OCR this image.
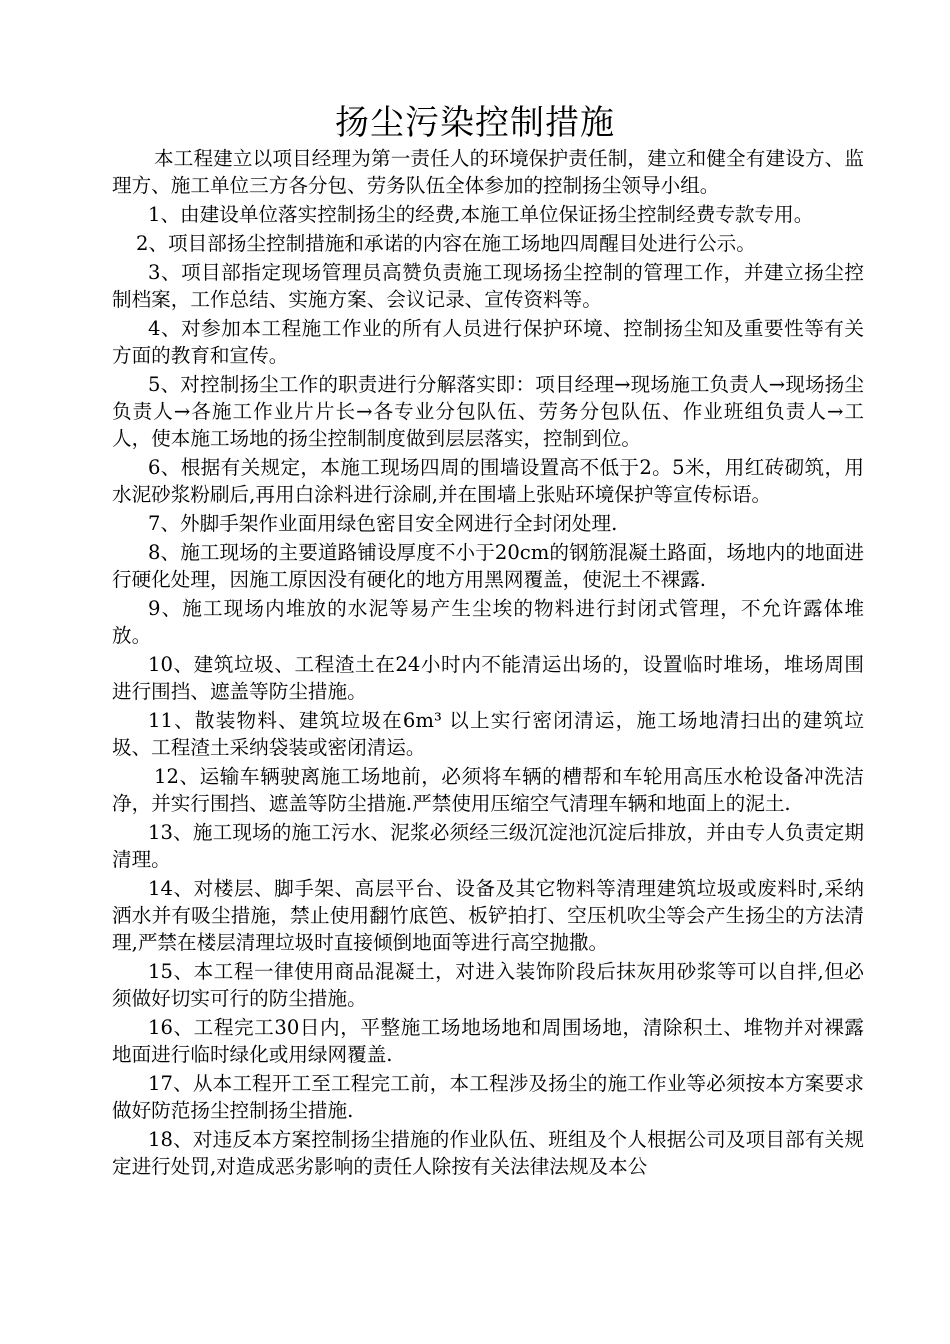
扬尘污染控制措施

本工程建立以项目经理为第一责任人的环境保护责任制，建立和健全有建设方、监理方、施工单位三方各分包、劳务队伍全体参加的控制扬尘领导小组。

1、由建设单位落实控制扬尘的经费,本施工单位保证扬尘控制经费专款专用。

2、项目部扬尘控制措施和承诺的内容在施工场地四周醒目处进行公示。

3、项目部指定现场管理员高赞负责施工现场扬尘控制的管理工作，并建立扬尘控制档案，工作总结、实施方案、会议记录、宣传资料等。

4、对参加本工程施工作业的所有人员进行保护环境、控制扬尘知及重要性等有关方面的教育和宣传。

5、对控制扬尘工作的职责进行分解落实即：项目经理→现场施工负责人→现场扬尘负责人→各施工作业片片长→各专业分包队伍、劳务分包队伍、作业班组负责人→工人，使本施工场地的扬尘控制制度做到层层落实，控制到位。

6、根据有关规定，本施工现场四周的围墙设置高不低于2。5米，用红砖砌筑，用水泥砂浆粉刷后,再用白涂料进行涂刷,并在围墙上张贴环境保护等宣传标语。

7、外脚手架作业面用绿色密目安全网进行全封闭处理.

8、施工现场的主要道路铺设厚度不小于20cm的钢筋混凝土路面，场地内的地面进行硬化处理，因施工原因没有硬化的地方用黑网覆盖，使泥土不裸露.

9、施工现场内堆放的水泥等易产生尘埃的物料进行封闭式管理，不允许露体堆放。

10、建筑垃圾、工程渣土在24小时内不能清运出场的，设置临时堆场，堆场周围进行围挡、遮盖等防尘措施。

11、散装物料、建筑垃圾在6m³ 以上实行密闭清运，施工场地清扫出的建筑垃圾、工程渣土采纳袋装或密闭清运。

12、运输车辆驶离施工场地前，必须将车辆的槽帮和车轮用高压水枪设备冲洗洁净，并实行围挡、遮盖等防尘措施.严禁使用压缩空气清理车辆和地面上的泥土.

13、施工现场的施工污水、泥浆必须经三级沉淀池沉淀后排放，并由专人负责定期清理。

14、对楼层、脚手架、高层平台、设备及其它物料等清理建筑垃圾或废料时,采纳洒水并有吸尘措施，禁止使用翻竹底笆、板铲拍打、空压机吹尘等会产生扬尘的方法清理,严禁在楼层清理垃圾时直接倾倒地面等进行高空抛撒。

15、本工程一律使用商品混凝土，对进入装饰阶段后抹灰用砂浆等可以自拌,但必须做好切实可行的防尘措施。

16、工程完工30日内，平整施工场地场地和周围场地，清除积土、堆物并对裸露地面进行临时绿化或用绿网覆盖.

17、从本工程开工至工程完工前，本工程涉及扬尘的施工作业等必须按本方案要求做好防范扬尘控制扬尘措施.

18、对违反本方案控制扬尘措施的作业队伍、班组及个人根据公司及项目部有关规定进行处罚,对造成恶劣影响的责任人除按有关法律法规及本公
